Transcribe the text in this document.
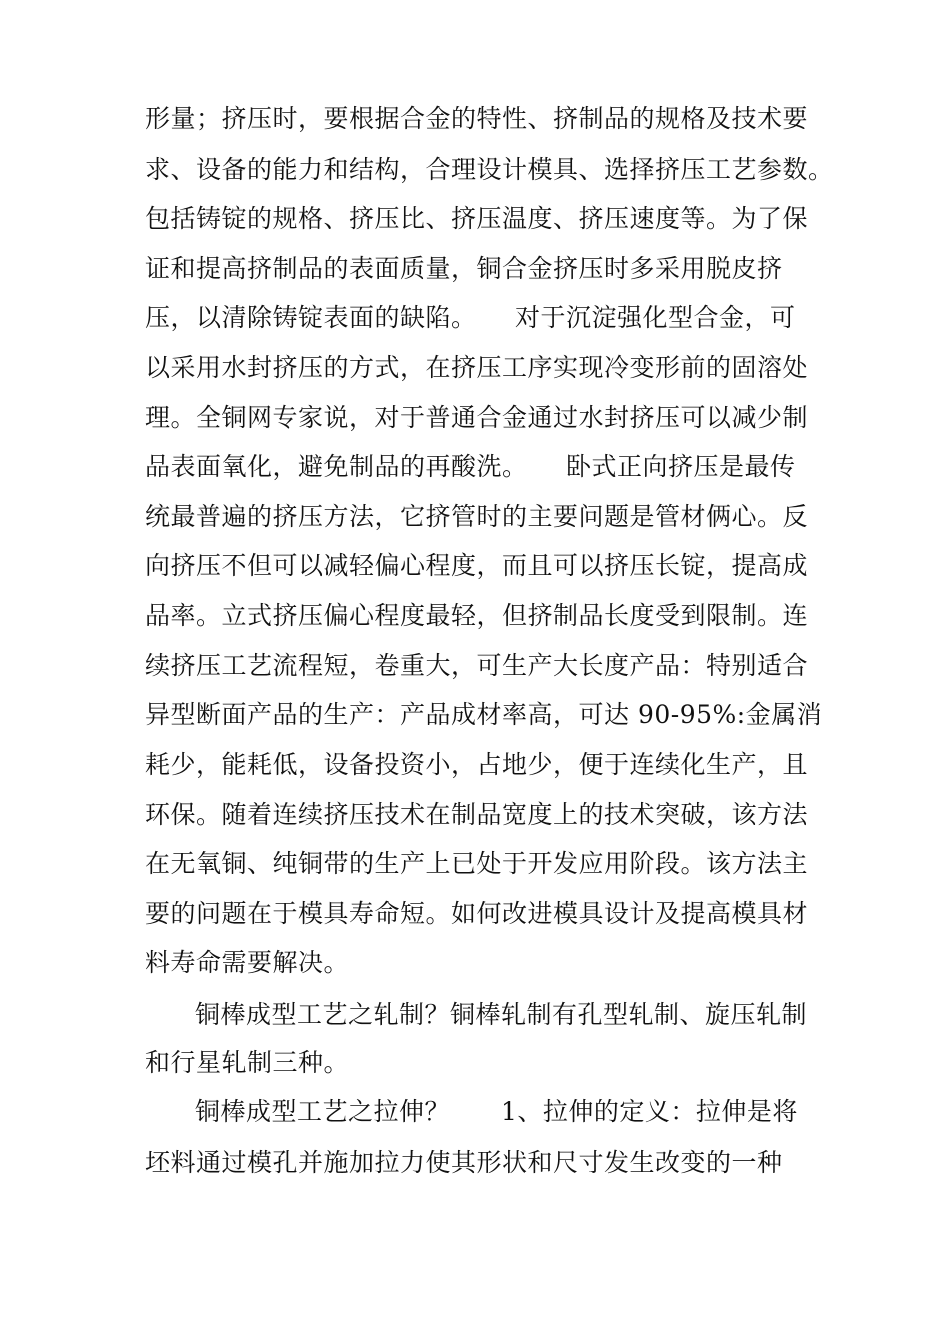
形量；挤压时，要根据合金的特性、挤制品的规格及技术要
求、设备的能力和结构，合理设计模具、选择挤压工艺参数。
包括铸锭的规格、挤压比、挤压温度、挤压速度等。为了保
证和提高挤制品的表面质量，铜合金挤压时多采用脱皮挤
压，以清除铸锭表面的缺陷。　　对于沉淀强化型合金，可
以采用水封挤压的方式，在挤压工序实现冷变形前的固溶处
理。全铜网专家说，对于普通合金通过水封挤压可以减少制
品表面氧化，避免制品的再酸洗。　　卧式正向挤压是最传
统最普遍的挤压方法，它挤管时的主要问题是管材俩心。反
向挤压不但可以减轻偏心程度，而且可以挤压长锭，提高成
品率。立式挤压偏心程度最轻，但挤制品长度受到限制。连
续挤压工艺流程短，卷重大，可生产大长度产品：特别适合
异型断面产品的生产：产品成材率高，可达 90-95%:金属消
耗少，能耗低，设备投资小，占地少，便于连续化生产，且
环保。随着连续挤压技术在制品宽度上的技术突破，该方法
在无氧铜、纯铜带的生产上已处于开发应用阶段。该方法主
要的问题在于模具寿命短。如何改进模具设计及提高模具材
料寿命需要解决。
铜棒成型工艺之轧制？铜棒轧制有孔型轧制、旋压轧制
和行星轧制三种。
铜棒成型工艺之拉伸？　　1、拉伸的定义：拉伸是将
坯料通过模孔并施加拉力使其形状和尺寸发生改变的一种
